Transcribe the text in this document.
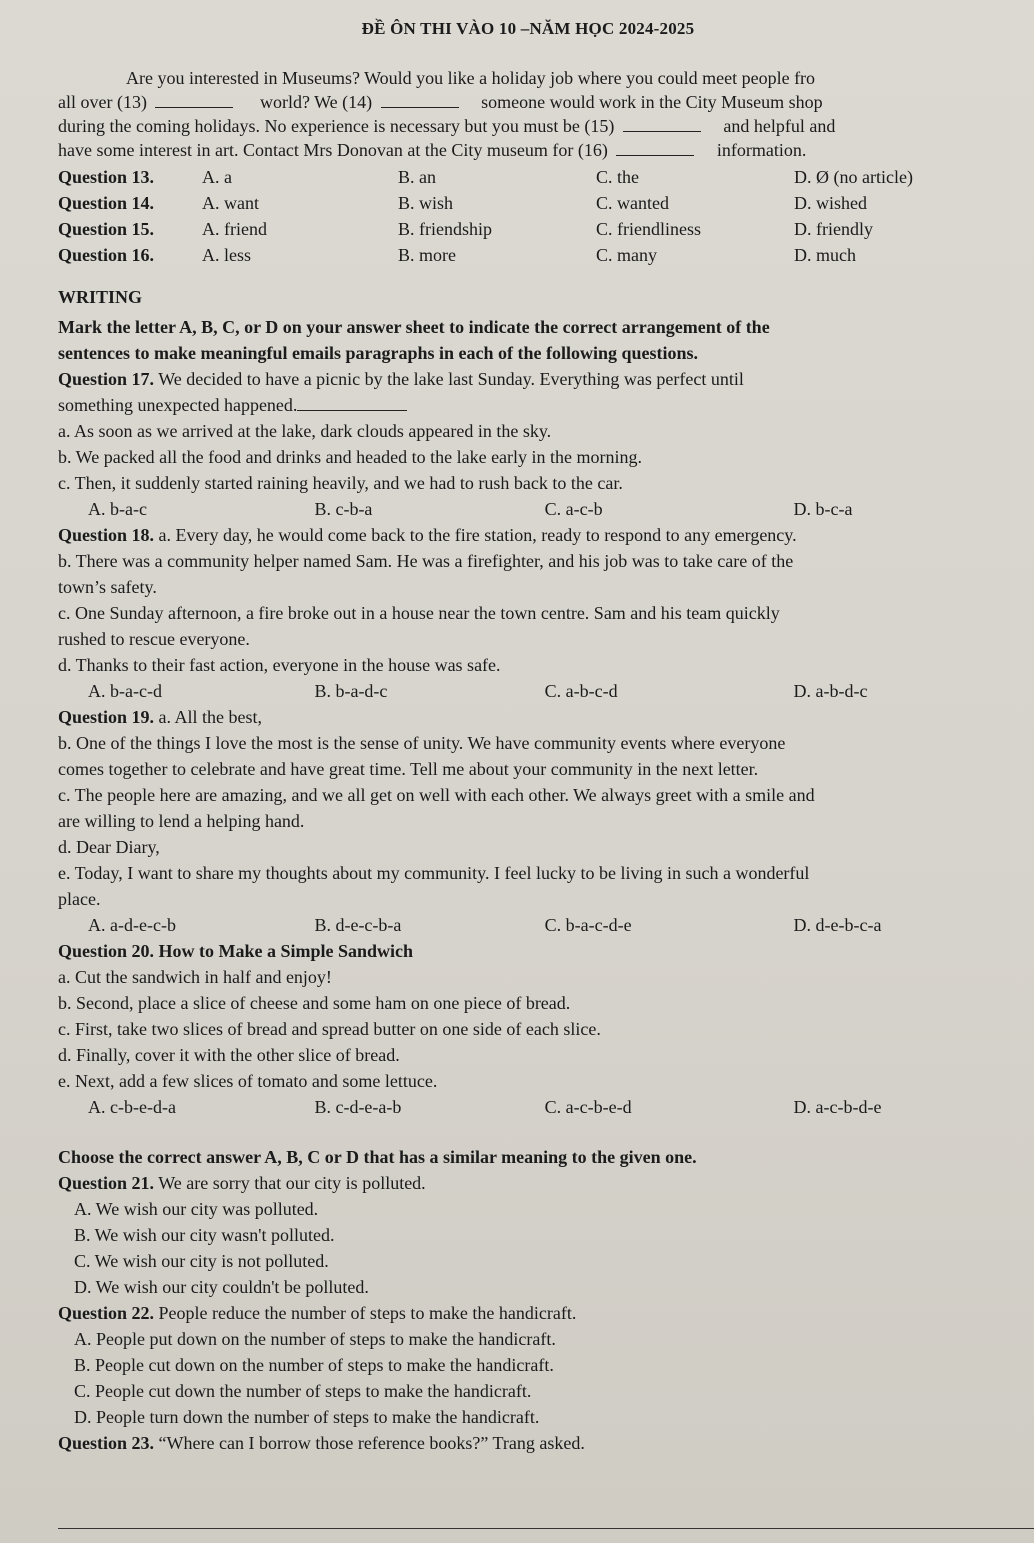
ĐỀ ÔN THI VÀO 10 –NĂM HỌC 2024-2025
Are you interested in Museums? Would you like a holiday job where you could meet people fro
all over (13)	world? We (14)	someone would work in the City Museum shop
during the coming holidays. No experience is necessary but you must be (15)	and helpful and
have some interest in art. Contact Mrs Donovan at the City museum for (16)	information.
Question 13.	A. a	B. an	C. the	D. Ø (no article)
Question 14.	A. want	B. wish	C. wanted	D. wished
Question 15.	A. friend	B. friendship	C. friendliness	D. friendly
Question 16.	A. less	B. more	C. many	D. much
WRITING
Mark the letter A, B, C, or D on your answer sheet to indicate the correct arrangement of the
sentences to make meaningful emails paragraphs in each of the following questions.
Question 17. We decided to have a picnic by the lake last Sunday. Everything was perfect until
something unexpected happened.
a. As soon as we arrived at the lake, dark clouds appeared in the sky.
b. We packed all the food and drinks and headed to the lake early in the morning.
c. Then, it suddenly started raining heavily, and we had to rush back to the car.
A. b-a-c	B. c-b-a	C. a-c-b	D. b-c-a
Question 18. a. Every day, he would come back to the fire station, ready to respond to any emergency.
b. There was a community helper named Sam. He was a firefighter, and his job was to take care of the
town’s safety.
c. One Sunday afternoon, a fire broke out in a house near the town centre. Sam and his team quickly
rushed to rescue everyone.
d. Thanks to their fast action, everyone in the house was safe.
A. b-a-c-d	B. b-a-d-c	C. a-b-c-d	D. a-b-d-c
Question 19. a. All the best,
b. One of the things I love the most is the sense of unity. We have community events where everyone
comes together to celebrate and have great time. Tell me about your community in the next letter.
c. The people here are amazing, and we all get on well with each other. We always greet with a smile and
are willing to lend a helping hand.
d. Dear Diary,
e. Today, I want to share my thoughts about my community. I feel lucky to be living in such a wonderful
place.
A. a-d-e-c-b	B. d-e-c-b-a	C. b-a-c-d-e	D. d-e-b-c-a
Question 20. How to Make a Simple Sandwich
a. Cut the sandwich in half and enjoy!
b. Second, place a slice of cheese and some ham on one piece of bread.
c. First, take two slices of bread and spread butter on one side of each slice.
d. Finally, cover it with the other slice of bread.
e. Next, add a few slices of tomato and some lettuce.
A. c-b-e-d-a	B. c-d-e-a-b	C. a-c-b-e-d	D. a-c-b-d-e
Choose the correct answer A, B, C or D that has a similar meaning to the given one.
Question 21. We are sorry that our city is polluted.
A. We wish our city was polluted.
B. We wish our city wasn't polluted.
C. We wish our city is not polluted.
D. We wish our city couldn't be polluted.
Question 22. People reduce the number of steps to make the handicraft.
A. People put down on the number of steps to make the handicraft.
B. People cut down on the number of steps to make the handicraft.
C. People cut down the number of steps to make the handicraft.
D. People turn down the number of steps to make the handicraft.
Question 23. “Where can I borrow those reference books?” Trang asked.
